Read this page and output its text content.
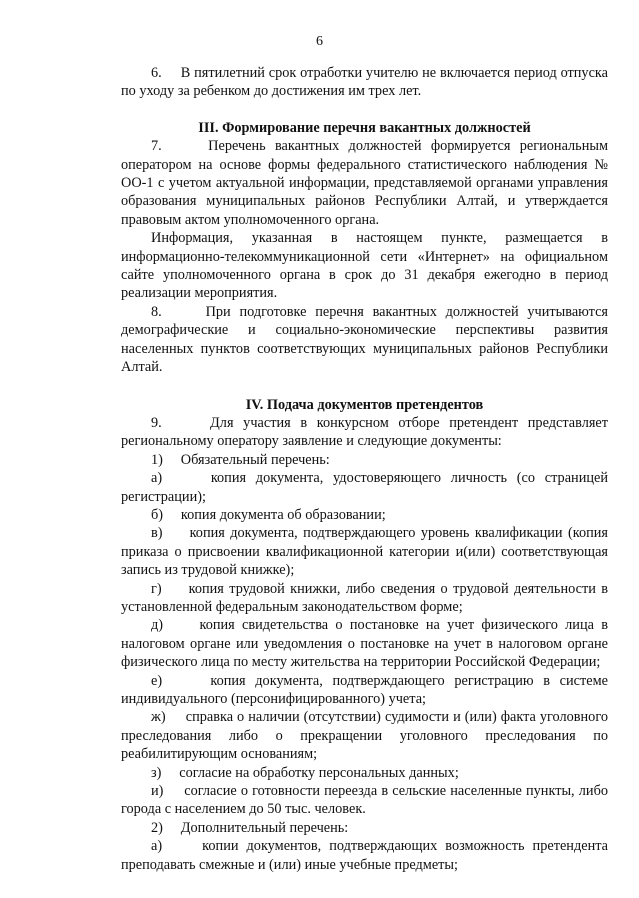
6

6.     В пятилетний срок отработки учителю не включается период отпуска по уходу за ребенком до достижения им трех лет.

III. Формирование перечня вакантных должностей

7.     Перечень вакантных должностей формируется региональным оператором на основе формы федерального статистического наблюдения № ОО-1 с учетом актуальной информации, представляемой органами управления образования муниципальных районов Республики Алтай, и утверждается правовым актом уполномоченного органа.

Информация, указанная в настоящем пункте, размещается в информационно-телекоммуникационной сети «Интернет» на официальном сайте уполномоченного органа в срок до 31 декабря ежегодно в период реализации мероприятия.

8.     При подготовке перечня вакантных должностей учитываются демографические и социально-экономические перспективы развития населенных пунктов соответствующих муниципальных районов Республики Алтай.

IV. Подача документов претендентов

9.     Для участия в конкурсном отборе претендент представляет региональному оператору заявление и следующие документы:

1)     Обязательный перечень:

а)     копия документа, удостоверяющего личность (со страницей регистрации);

б)     копия документа об образовании;

в)     копия документа, подтверждающего уровень квалификации (копия приказа о присвоении квалификационной категории и(или) соответствующая запись из трудовой книжке);

г)     копия трудовой книжки, либо сведения о трудовой деятельности в установленной федеральным законодательством форме;

д)     копия свидетельства о постановке на учет физического лица в налоговом органе или уведомления о постановке на учет в налоговом органе физического лица по месту жительства на территории Российской Федерации;

е)     копия документа, подтверждающего регистрацию в системе индивидуального (персонифицированного) учета;

ж)     справка о наличии (отсутствии) судимости и (или) факта уголовного преследования либо о прекращении уголовного преследования по реабилитирующим основаниям;

з)     согласие на обработку персональных данных;

и)     согласие о готовности переезда в сельские населенные пункты, либо города с населением до 50 тыс. человек.

2)     Дополнительный перечень:

а)     копии документов, подтверждающих возможность претендента преподавать смежные и (или) иные учебные предметы;
